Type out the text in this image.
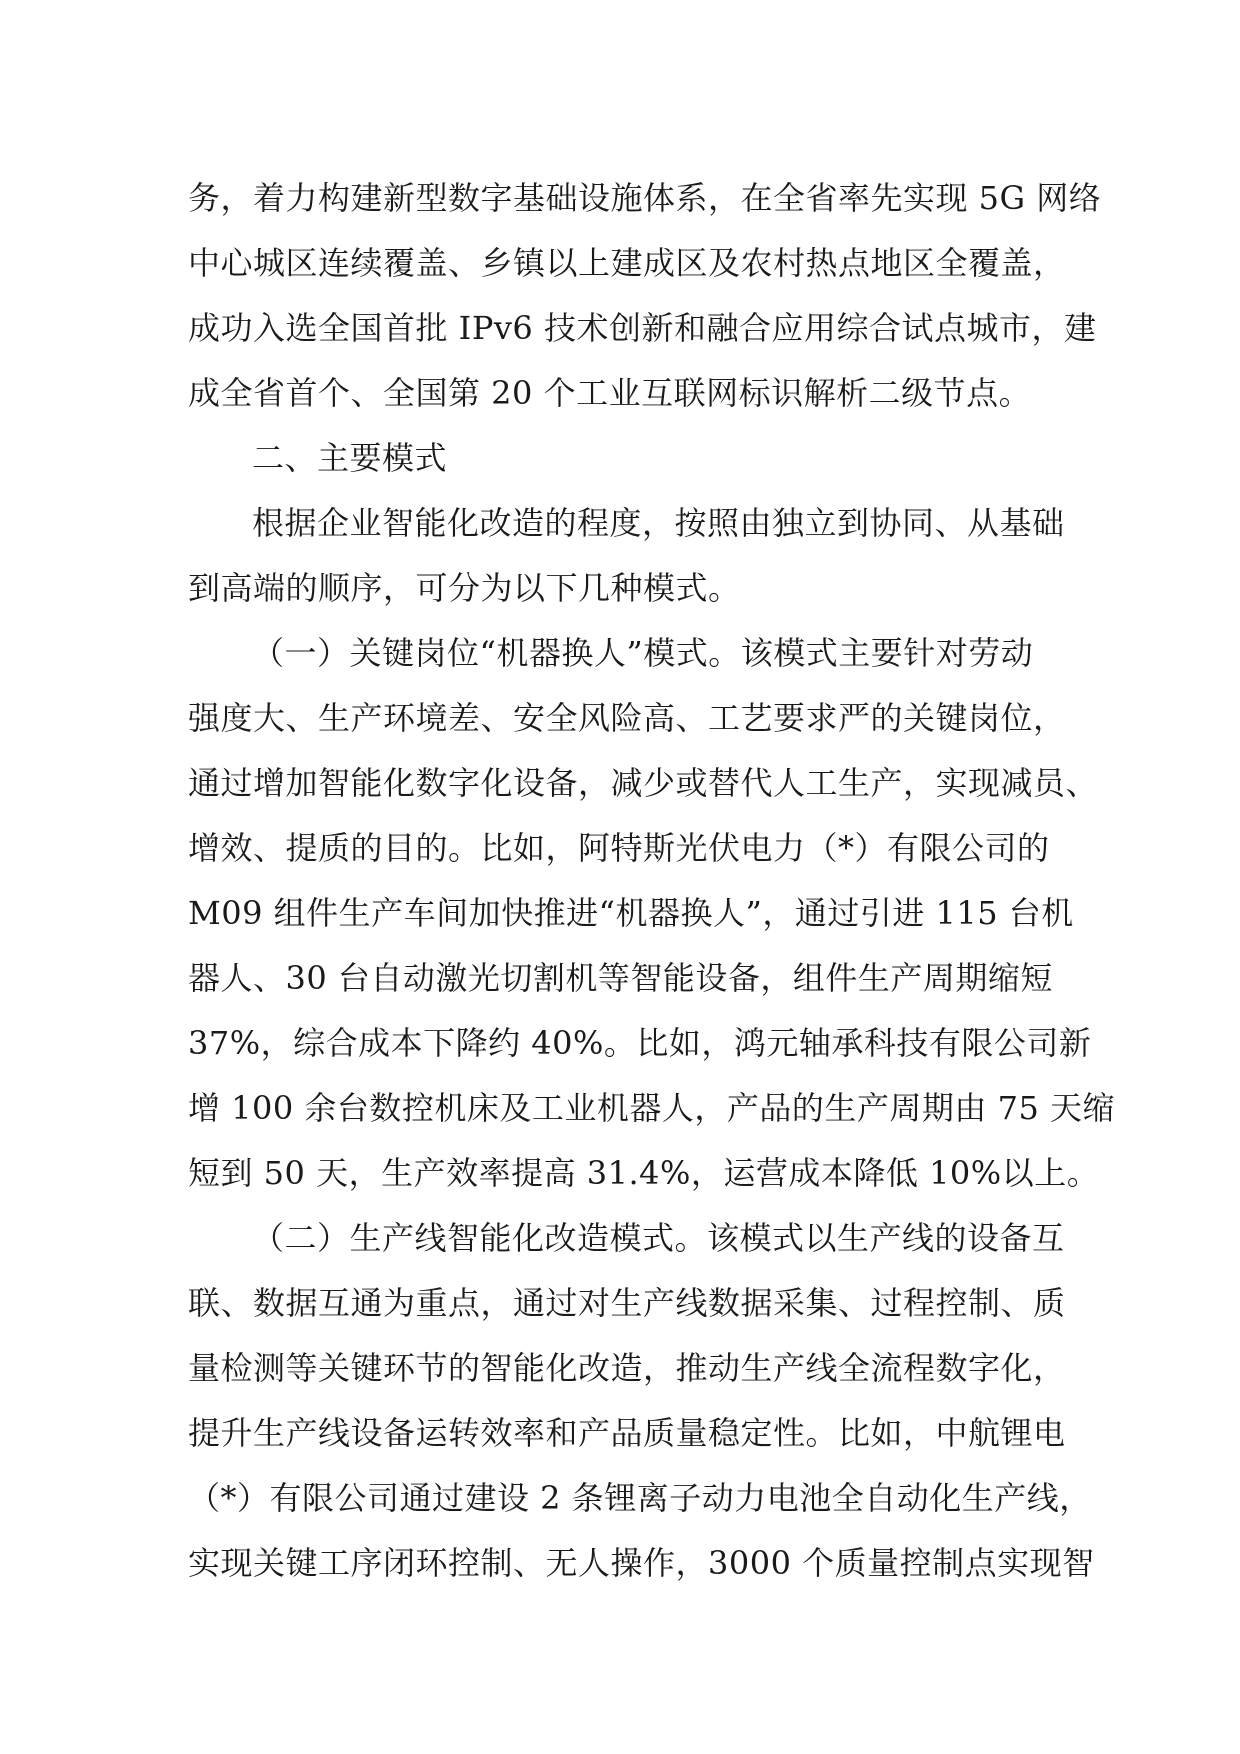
务，着力构建新型数字基础设施体系，在全省率先实现 5G 网络
中心城区连续覆盖、乡镇以上建成区及农村热点地区全覆盖，
成功入选全国首批 IPv6 技术创新和融合应用综合试点城市，建
成全省首个、全国第 20 个工业互联网标识解析二级节点。
二、主要模式
根据企业智能化改造的程度，按照由独立到协同、从基础
到高端的顺序，可分为以下几种模式。
（一）关键岗位“机器换人”模式。该模式主要针对劳动
强度大、生产环境差、安全风险高、工艺要求严的关键岗位，
通过增加智能化数字化设备，减少或替代人工生产，实现减员、
增效、提质的目的。比如，阿特斯光伏电力（*）有限公司的
M09 组件生产车间加快推进“机器换人”，通过引进 115 台机
器人、30 台自动激光切割机等智能设备，组件生产周期缩短
37%，综合成本下降约 40%。比如，鸿元轴承科技有限公司新
增 100 余台数控机床及工业机器人，产品的生产周期由 75 天缩
短到 50 天，生产效率提高 31.4%，运营成本降低 10%以上。
（二）生产线智能化改造模式。该模式以生产线的设备互
联、数据互通为重点，通过对生产线数据采集、过程控制、质
量检测等关键环节的智能化改造，推动生产线全流程数字化，
提升生产线设备运转效率和产品质量稳定性。比如，中航锂电
（*）有限公司通过建设 2 条锂离子动力电池全自动化生产线，
实现关键工序闭环控制、无人操作，3000 个质量控制点实现智
